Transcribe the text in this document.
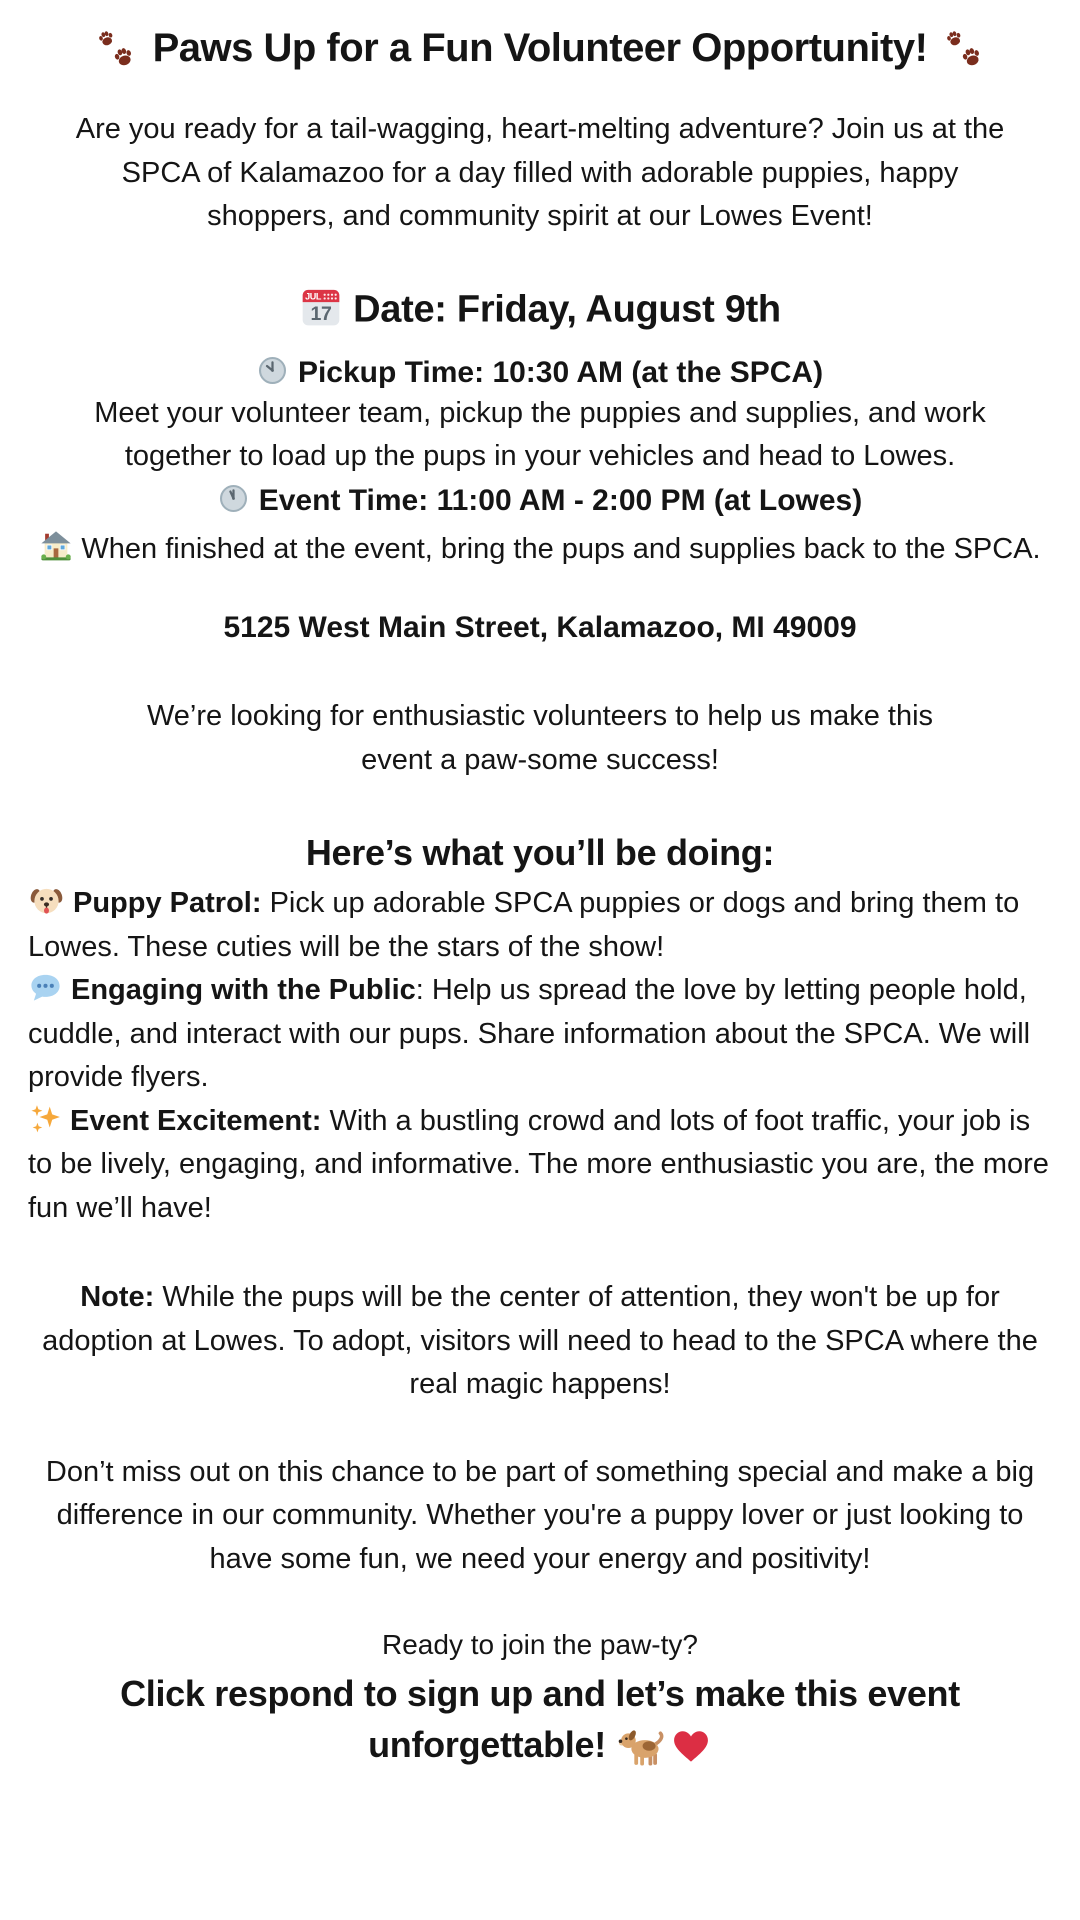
Paws Up for a Fun Volunteer Opportunity!

Are you ready for a tail-wagging, heart-melting adventure? Join us at the SPCA of Kalamazoo for a day filled with adorable puppies, happy shoppers, and community spirit at our Lowes Event!

JUL
17 Date: Friday, August 9th

Pickup Time: 10:30 AM (at the SPCA)

Meet your volunteer team, pickup the puppies and supplies, and work together to load up the pups in your vehicles and head to Lowes.

Event Time: 11:00 AM - 2:00 PM (at Lowes)

When finished at the event, bring the pups and supplies back to the SPCA.

5125 West Main Street, Kalamazoo, MI 49009

We’re looking for enthusiastic volunteers to help us make this event a paw-some success!

Here’s what you’ll be doing:

Puppy Patrol: Pick up adorable SPCA puppies or dogs and bring them to Lowes. These cuties will be the stars of the show!

Engaging with the Public: Help us spread the love by letting people hold, cuddle, and interact with our pups. Share information about the SPCA. We will provide flyers.

Event Excitement: With a bustling crowd and lots of foot traffic, your job is to be lively, engaging, and informative. The more enthusiastic you are, the more fun we’ll have!

Note: While the pups will be the center of attention, they won't be up for adoption at Lowes. To adopt, visitors will need to head to the SPCA where the real magic happens!

Don’t miss out on this chance to be part of something special and make a big difference in our community. Whether you're a puppy lover or just looking to have some fun, we need your energy and positivity!

Ready to join the paw-ty?

Click respond to sign up and let’s make this event unforgettable!
